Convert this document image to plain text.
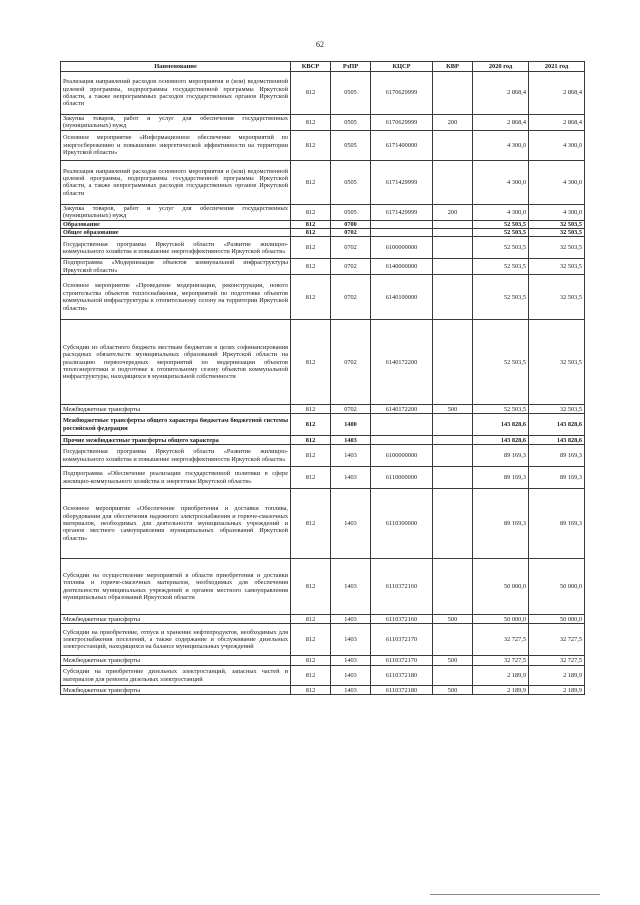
62
Наименование	КВСР	РзПР	КЦСР	КВР	2020 год	2021 год
Реализация направлений расходов основного мероприятия и (или) ведомственной целевой программы, подпрограммы государственной программы Иркутской области, а также непрограммных расходов государственных органов Иркутской области	812	0505	6170629999		2 868,4	2 868,4
Закупка товаров, работ и услуг для обеспечения государственных (муниципальных) нужд	812	0505	6170629999	200	2 868,4	2 868,4
Основное мероприятие «Информационное обеспечение мероприятий по энергосбережению и повышению энергетической эффективности на территории Иркутской области»	812	0505	6171400000		4 300,0	4 300,0
Реализация направлений расходов основного мероприятия и (или) ведомственной целевой программы, подпрограммы государственной программы Иркутской области, а также непрограммных расходов государственных органов Иркутской области	812	0505	6171429999		4 300,0	4 300,0
Закупка товаров, работ и услуг для обеспечения государственных (муниципальных) нужд	812	0505	6171429999	200	4 300,0	4 300,0
Образование	812	0700			52 503,5	32 503,5
Общее образование	812	0702			52 503,5	32 503,5
Государственная программа Иркутской области «Развитие жилищно-коммунального хозяйства и повышение энергоэффективности Иркутской области»	812	0702	6100000000		52 503,5	32 503,5
Подпрограмма «Модернизация объектов коммунальной инфраструктуры Иркутской области»	812	0702	6140000000		52 503,5	32 503,5
Основное мероприятие «Проведение модернизации, реконструкции, нового строительства объектов теплоснабжения, мероприятий по подготовке объектов коммунальной инфраструктуры к отопительному сезону на территории Иркутской области»	812	0702	6140100000		52 503,5	32 503,5
Субсидии из областного бюджета местным бюджетам в целях софинансирования расходных обязательств муниципальных образований Иркутской области на реализацию первоочередных мероприятий по модернизации объектов теплоэнергетики и подготовке к отопительному сезону объектов коммунальной инфраструктуры, находящихся в муниципальной собственности	812	0702	6140172200		52 503,5	32 503,5
Межбюджетные трансферты	812	0702	6140172200	500	52 503,5	32 503,5
Межбюджетные трансферты общего характера бюджетам бюджетной системы российской федерации	812	1400			143 828,6	143 828,6
Прочие межбюджетные трансферты общего характера	812	1403			143 828,6	143 828,6
Государственная программа Иркутской области «Развитие жилищно-коммунального хозяйства и повышение энергоэффективности Иркутской области»	812	1403	6100000000		89 169,3	89 169,3
Подпрограмма «Обеспечение реализации государственной политики в сфере жилищно-коммунального хозяйства и энергетики Иркутской области»	812	1403	6110000000		89 169,3	89 169,3
Основное мероприятие «Обеспечение приобретения и доставки топлива, оборудования для обеспечения надежного электроснабжения и горюче-смазочных материалов, необходимых для деятельности муниципальных учреждений и органов местного самоуправления муниципальных образований Иркутской области»	812	1403	6110300000		89 169,3	89 169,3
Субсидии на осуществление мероприятий в области приобретения и доставки топлива и горюче-смазочных материалов, необходимых для обеспечения деятельности муниципальных учреждений и органов местного самоуправления муниципальных образований Иркутской области	812	1403	6110372160		50 000,0	50 000,0
Межбюджетные трансферты	812	1403	6110372160	500	50 000,0	50 000,0
Субсидии на приобретение, отпуск и хранение нефтепродуктов, необходимых для электроснабжения поселений, а также содержание и обслуживание дизельных электростанций, находящихся на балансе муниципальных учреждений	812	1403	6110372170		32 727,5	32 727,5
Межбюджетные трансферты	812	1403	6110372170	500	32 727,5	32 727,5
Субсидии на приобретение дизельных электростанций, запасных частей и материалов для ремонта дизельных электростанций	812	1403	6110372180		2 189,9	2 189,9
Межбюджетные трансферты	812	1403	6110372180	500	2 189,9	2 189,9
